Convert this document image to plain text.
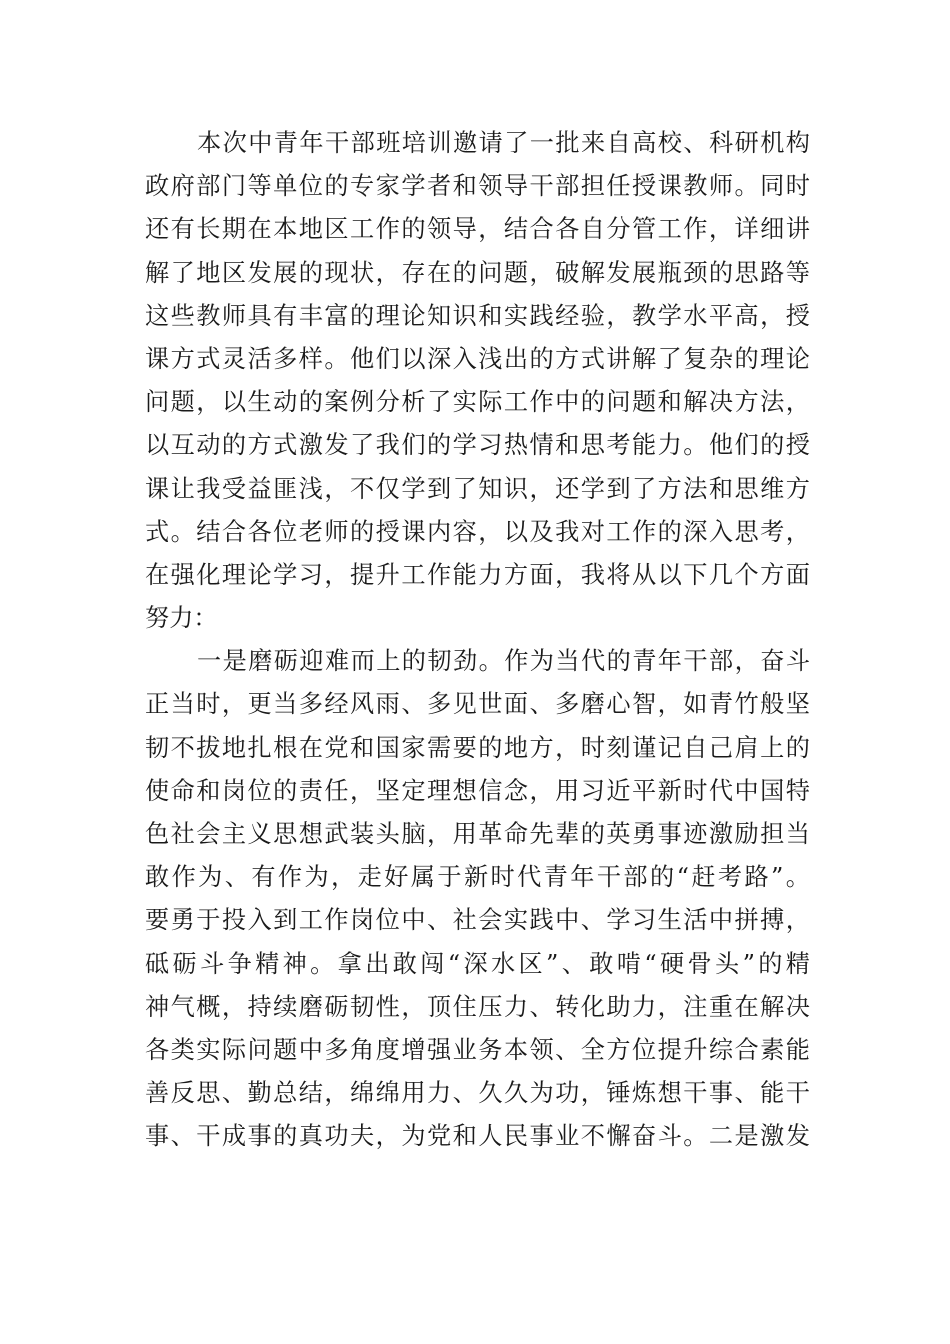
本次中青年干部班培训邀请了一批来自高校、科研机构
政府部门等单位的专家学者和领导干部担任授课教师。同时
还有长期在本地区工作的领导，结合各自分管工作，详细讲
解了地区发展的现状，存在的问题，破解发展瓶颈的思路等
这些教师具有丰富的理论知识和实践经验，教学水平高，授
课方式灵活多样。他们以深入浅出的方式讲解了复杂的理论
问题，以生动的案例分析了实际工作中的问题和解决方法，
以互动的方式激发了我们的学习热情和思考能力。他们的授
课让我受益匪浅，不仅学到了知识，还学到了方法和思维方
式。结合各位老师的授课内容，以及我对工作的深入思考，
在强化理论学习，提升工作能力方面，我将从以下几个方面
努力：
一是磨砺迎难而上的韧劲。作为当代的青年干部，奋斗
正当时，更当多经风雨、多见世面、多磨心智，如青竹般坚
韧不拔地扎根在党和国家需要的地方，时刻谨记自己肩上的
使命和岗位的责任，坚定理想信念，用习近平新时代中国特
色社会主义思想武装头脑，用革命先辈的英勇事迹激励担当
敢作为、有作为，走好属于新时代青年干部的“赶考路”。
要勇于投入到工作岗位中、社会实践中、学习生活中拼搏，
砥砺斗争精神。拿出敢闯“深水区”、敢啃“硬骨头”的精
神气概，持续磨砺韧性，顶住压力、转化助力，注重在解决
各类实际问题中多角度增强业务本领、全方位提升综合素能
善反思、勤总结，绵绵用力、久久为功，锤炼想干事、能干
事、干成事的真功夫，为党和人民事业不懈奋斗。二是激发
